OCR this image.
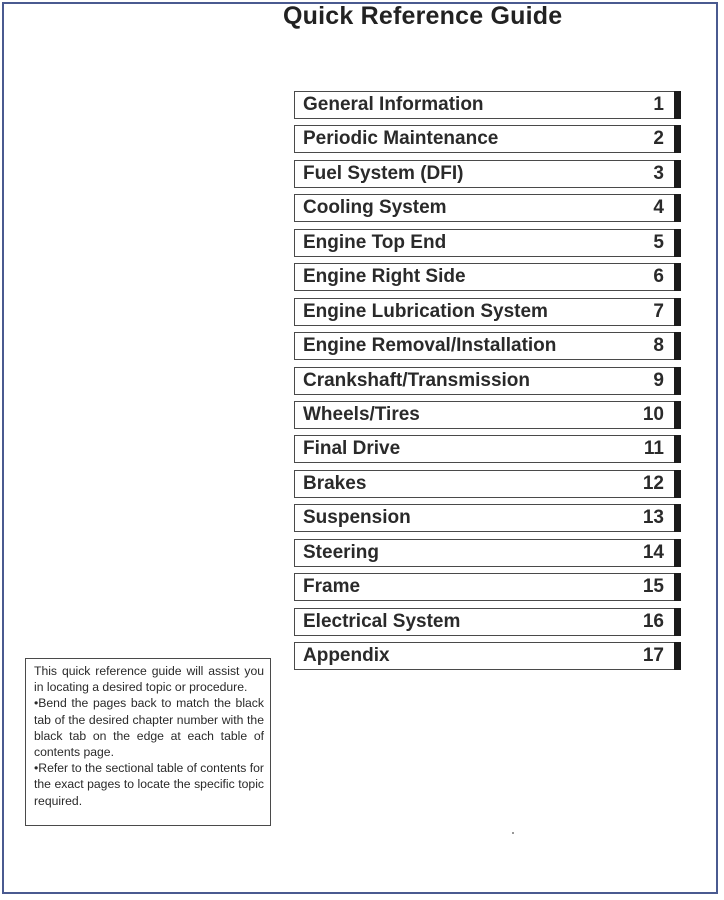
Quick Reference Guide
General Information	1
Periodic Maintenance	2
Fuel System (DFI)	3
Cooling System	4
Engine Top End	5
Engine Right Side	6
Engine Lubrication System	7
Engine Removal/Installation	8
Crankshaft/Transmission	9
Wheels/Tires	10
Final Drive	11
Brakes	12
Suspension	13
Steering	14
Frame	15
Electrical System	16
Appendix	17

This quick reference guide will assist you in locating a desired topic or procedure.

•Bend the pages back to match the black tab of the desired chapter number with the black tab on the edge at each table of contents page.

•Refer to the sectional table of contents for the exact pages to locate the specific topic required.
